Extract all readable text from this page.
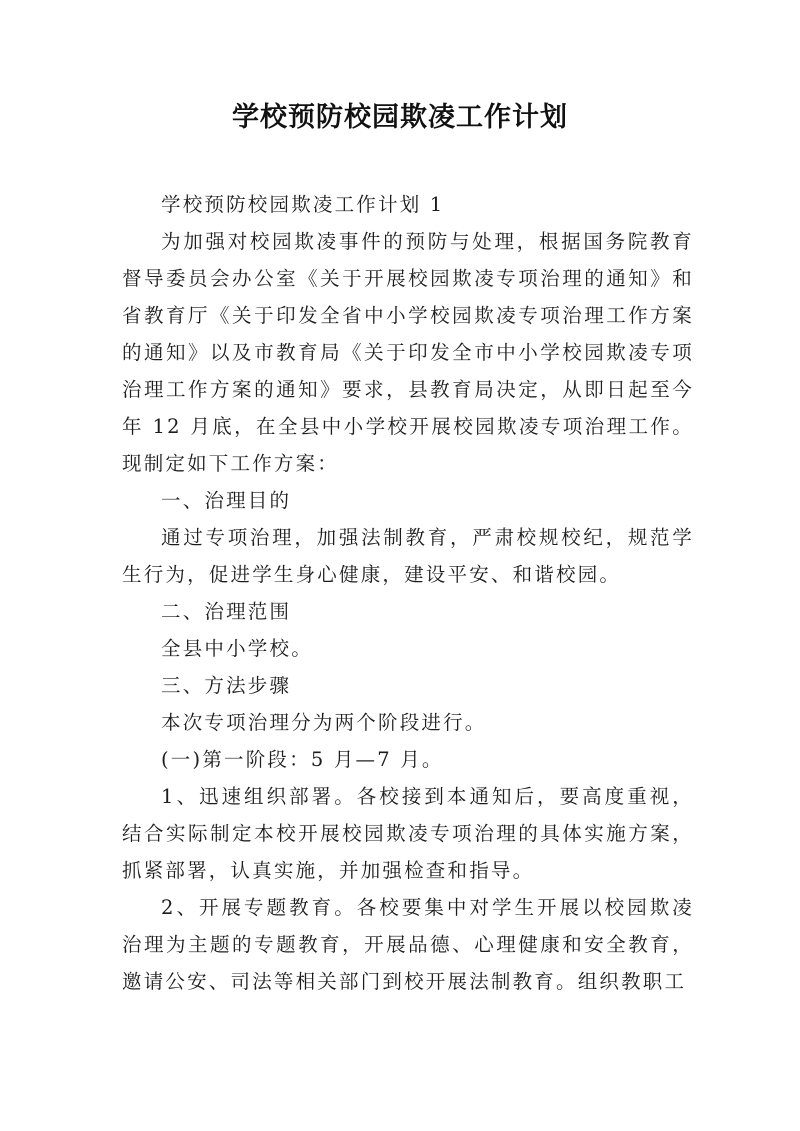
学校预防校园欺凌工作计划

学校预防校园欺凌工作计划 1

为加强对校园欺凌事件的预防与处理，根据国务院教育督导委员会办公室《关于开展校园欺凌专项治理的通知》和省教育厅《关于印发全省中小学校园欺凌专项治理工作方案的通知》以及市教育局《关于印发全市中小学校园欺凌专项治理工作方案的通知》要求，县教育局决定，从即日起至今年 12 月底，在全县中小学校开展校园欺凌专项治理工作。现制定如下工作方案：

一、治理目的

通过专项治理，加强法制教育，严肃校规校纪，规范学生行为，促进学生身心健康，建设平安、和谐校园。

二、治理范围

全县中小学校。

三、方法步骤

本次专项治理分为两个阶段进行。

(一)第一阶段：5 月—7 月。

1、迅速组织部署。各校接到本通知后，要高度重视，结合实际制定本校开展校园欺凌专项治理的具体实施方案，抓紧部署，认真实施，并加强检查和指导。

2、开展专题教育。各校要集中对学生开展以校园欺凌治理为主题的专题教育，开展品德、心理健康和安全教育，邀请公安、司法等相关部门到校开展法制教育。组织教职工
